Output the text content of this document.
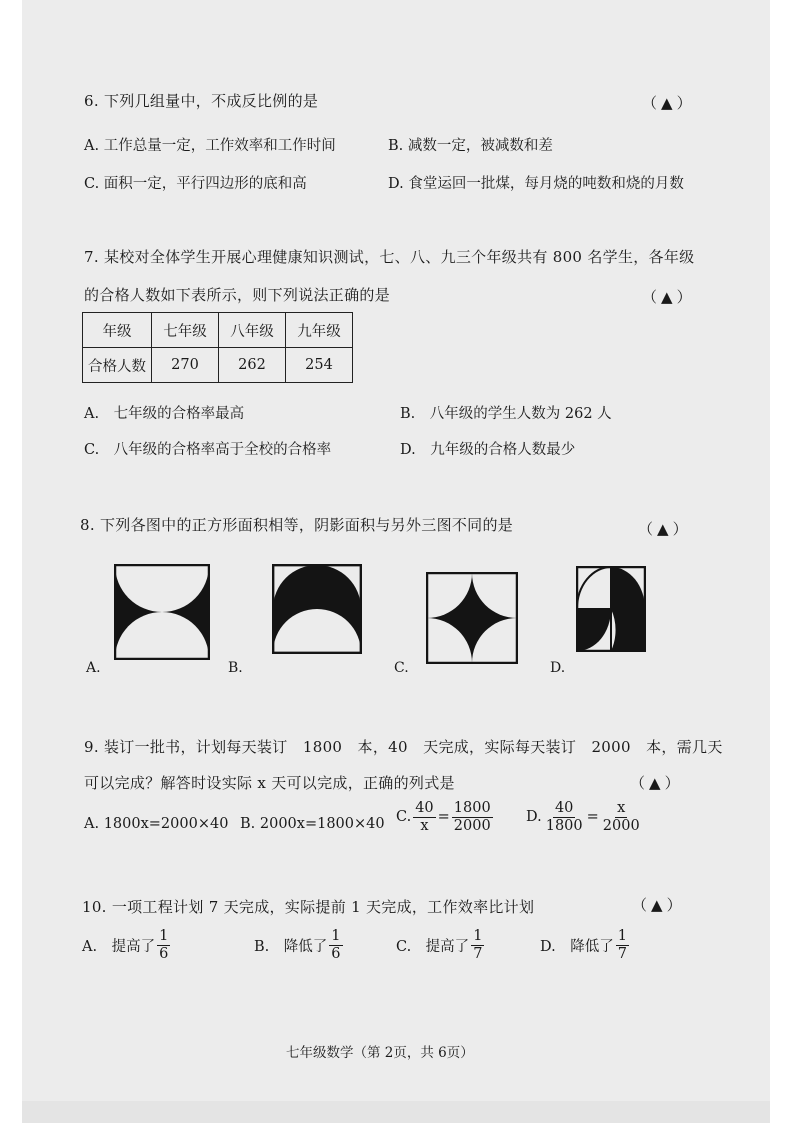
6. 下列几组量中，不成反比例的是	（ ▲ ）
A. 工作总量一定，工作效率和工作时间	B. 减数一定，被减数和差
C. 面积一定，平行四边形的底和高	D. 食堂运回一批煤，每月烧的吨数和烧的月数
7. 某校对全体学生开展心理健康知识测试，七、八、九三个年级共有 800 名学生，各年级
的合格人数如下表所示，则下列说法正确的是	（ ▲ ）
年级	七年级	八年级	九年级
合格人数	270	262	254
A.　七年级的合格率最高	B.　八年级的学生人数为 262 人
C.　八年级的合格率高于全校的合格率	D.　九年级的合格人数最少
8. 下列各图中的正方形面积相等，阴影面积与另外三图不同的是	（ ▲ ）
A.	B.	C.	D.
9. 装订一批书，计划每天装订　1800　本，40　天完成，实际每天装订　2000　本，需几天
可以完成？解答时设实际 x 天可以完成，正确的列式是	（ ▲ ）
A. 1800x=2000×40 B. 2000x=1800×40 C. $\frac{40}{x} = \frac{1800}{2000} D$. $\frac{40}{1800} = \frac{x}{2000}$
10. 一项工程计划 7 天完成，实际提前 1 天完成，工作效率比计划	（ ▲ ）
A.　提高了 $\frac{1}{6}$	B.　降低了 $\frac{1}{6}$	C.　提高了 $\frac{1}{7}$	D.　降低了 $\frac{1}{7}$
七年级数学（第 2页，共 6页）
